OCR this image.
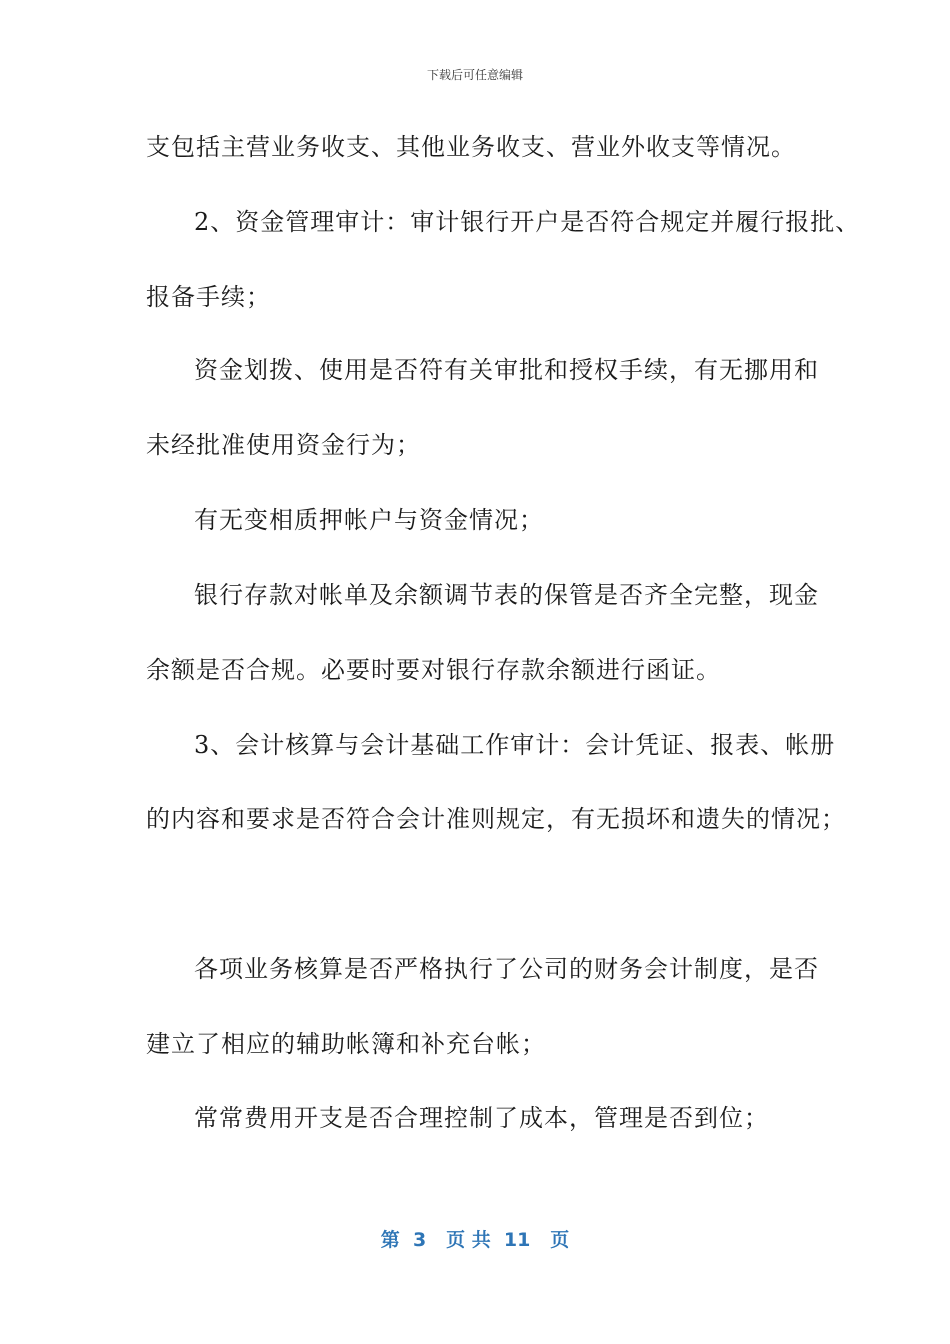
下载后可任意编辑
支包括主营业务收支、其他业务收支、营业外收支等情况。
2、资金管理审计：审计银行开户是否符合规定并履行报批、
报备手续；
资金划拨、使用是否符有关审批和授权手续，有无挪用和
未经批准使用资金行为；
有无变相质押帐户与资金情况；
银行存款对帐单及余额调节表的保管是否齐全完整，现金
余额是否合规。必要时要对银行存款余额进行函证。
3、会计核算与会计基础工作审计：会计凭证、报表、帐册
的内容和要求是否符合会计准则规定，有无损坏和遗失的情况；
各项业务核算是否严格执行了公司的财务会计制度，是否
建立了相应的辅助帐簿和补充台帐；
常常费用开支是否合理控制了成本，管理是否到位；
第  3   页 共  11   页
